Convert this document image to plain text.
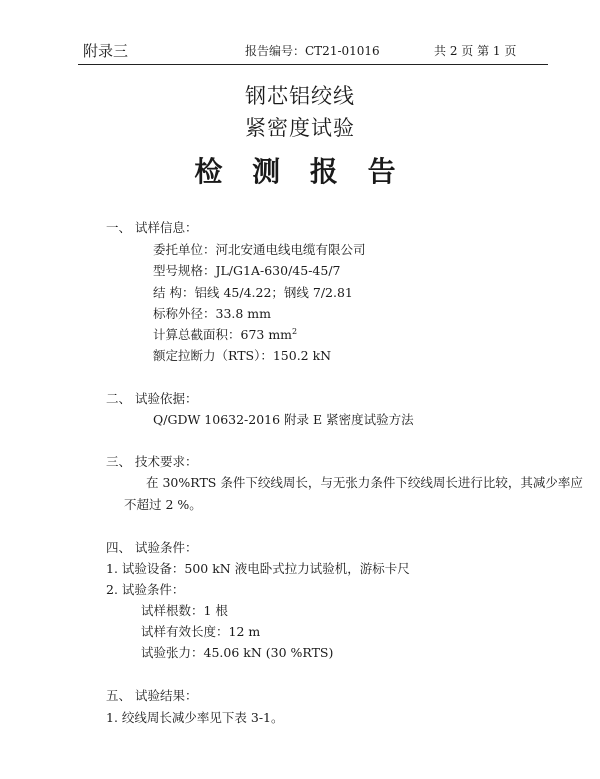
附录三	报告编号：CT21-01016	共 2 页 第 1 页
钢芯铝绞线
紧密度试验
检 测 报 告
一、 试样信息：
委托单位：河北安通电线电缆有限公司
型号规格：JL/G1A-630/45-45/7
结 构：铝线 45/4.22；钢线 7/2.81
标称外径：33.8 mm
计算总截面积：673 $mm^2$
额定拉断力（RTS）：150.2 kN
二、 试验依据：
Q/GDW 10632-2016 附录 E 紧密度试验方法
三、 技术要求：
在 30%RTS 条件下绞线周长，与无张力条件下绞线周长进行比较，其减少率应
不超过 2 %。
四、 试验条件：
1. 试验设备：500 kN 液电卧式拉力试验机，游标卡尺
2. 试验条件：
试样根数：1 根
试样有效长度：12 m
试验张力：45.06 kN (30 %RTS)
五、 试验结果：
1. 绞线周长减少率见下表 3-1。
